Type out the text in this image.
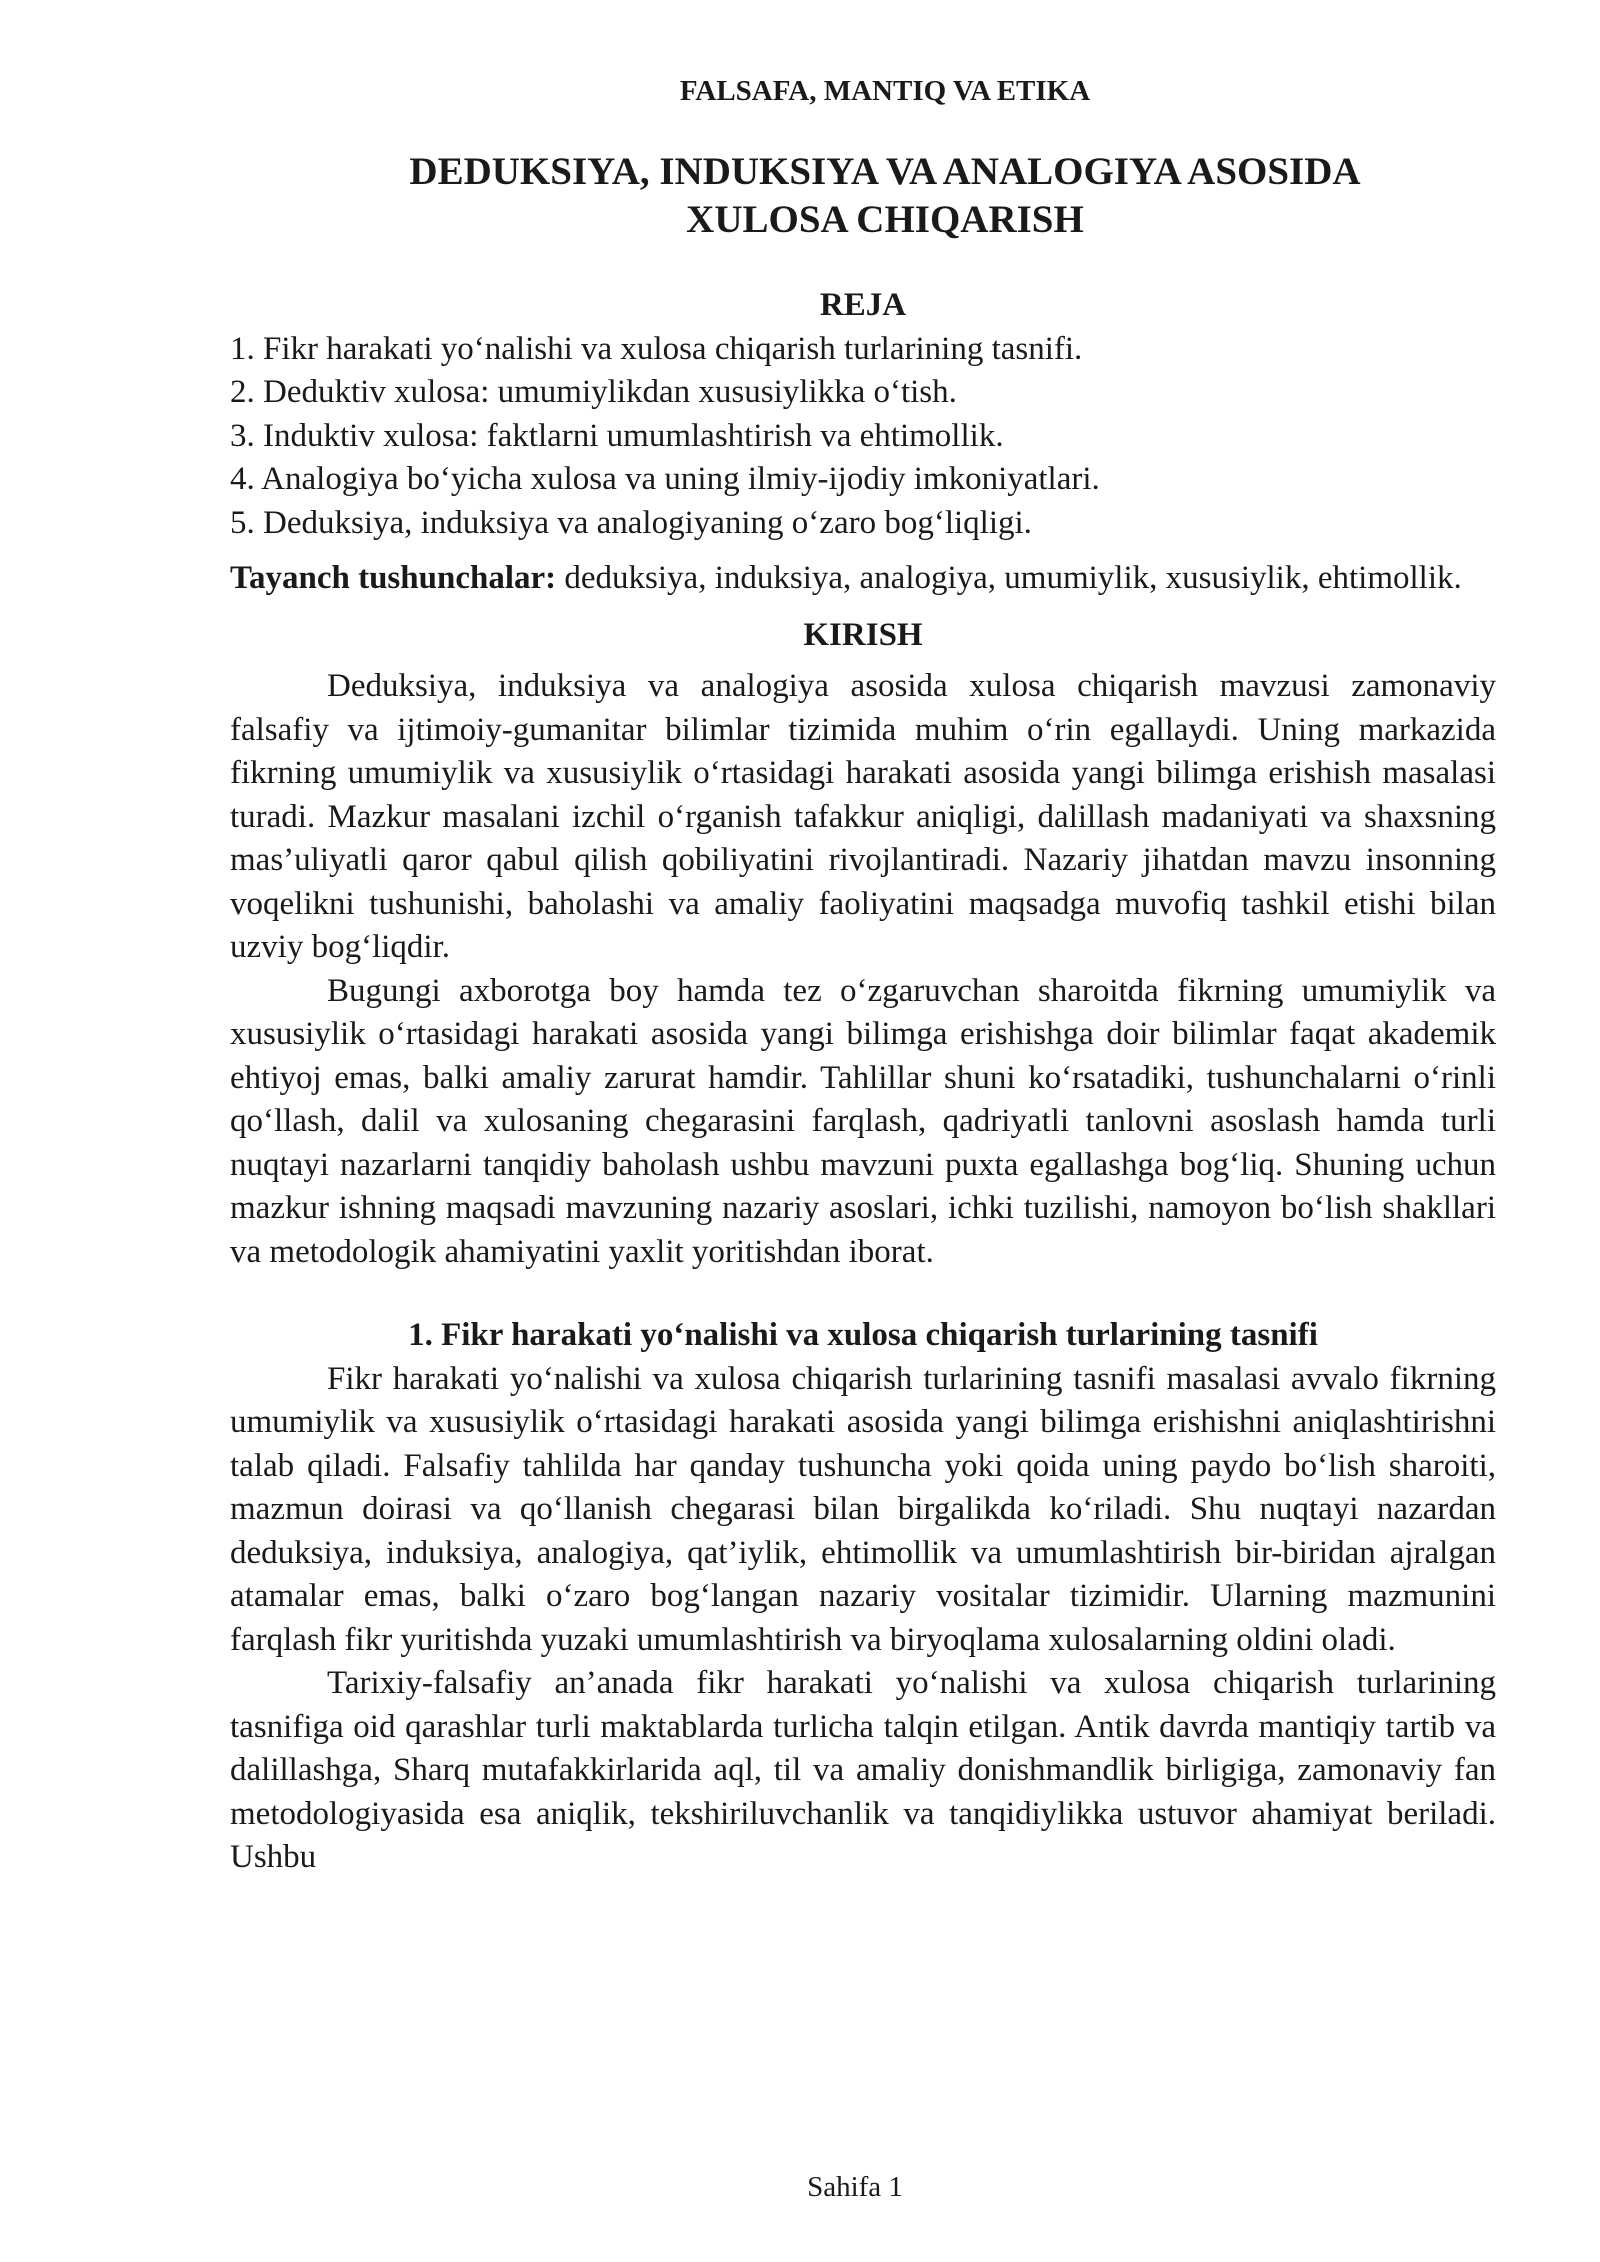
FALSAFA, MANTIQ VA ETIKA
DEDUKSIYA, INDUKSIYA VA ANALOGIYA ASOSIDA
XULOSA CHIQARISH
REJA
1. Fikr harakati yo‘nalishi va xulosa chiqarish turlarining tasnifi.
2. Deduktiv xulosa: umumiylikdan xususiylikka o‘tish.
3. Induktiv xulosa: faktlarni umumlashtirish va ehtimollik.
4. Analogiya bo‘yicha xulosa va uning ilmiy-ijodiy imkoniyatlari.
5. Deduksiya, induksiya va analogiyaning o‘zaro bog‘liqligi.

Tayanch tushunchalar: deduksiya, induksiya, analogiya, umumiylik, xususiylik, ehtimollik.

KIRISH

Deduksiya, induksiya va analogiya asosida xulosa chiqarish mavzusi zamonaviy falsafiy va ijtimoiy-gumanitar bilimlar tizimida muhim o‘rin egallaydi. Uning markazida fikrning umumiylik va xususiylik o‘rtasidagi harakati asosida yangi bilimga erishish masalasi turadi. Mazkur masalani izchil o‘rganish tafakkur aniqligi, dalillash madaniyati va shaxsning mas’uliyatli qaror qabul qilish qobiliyatini rivojlantiradi. Nazariy jihatdan mavzu insonning voqelikni tushunishi, baholashi va amaliy faoliyatini maqsadga muvofiq tashkil etishi bilan uzviy bog‘liqdir.

Bugungi axborotga boy hamda tez o‘zgaruvchan sharoitda fikrning umumiylik va xususiylik o‘rtasidagi harakati asosida yangi bilimga erishishga doir bilimlar faqat akademik ehtiyoj emas, balki amaliy zarurat hamdir. Tahlillar shuni ko‘rsatadiki, tushunchalarni o‘rinli qo‘llash, dalil va xulosaning chegarasini farqlash, qadriyatli tanlovni asoslash hamda turli nuqtayi nazarlarni tanqidiy baholash ushbu mavzuni puxta egallashga bog‘liq. Shuning uchun mazkur ishning maqsadi mavzuning nazariy asoslari, ichki tuzilishi, namoyon bo‘lish shakllari va metodologik ahamiyatini yaxlit yoritishdan iborat.

1. Fikr harakati yo‘nalishi va xulosa chiqarish turlarining tasnifi

Fikr harakati yo‘nalishi va xulosa chiqarish turlarining tasnifi masalasi avvalo fikrning umumiylik va xususiylik o‘rtasidagi harakati asosida yangi bilimga erishishni aniqlashtirishni talab qiladi. Falsafiy tahlilda har qanday tushuncha yoki qoida uning paydo bo‘lish sharoiti, mazmun doirasi va qo‘llanish chegarasi bilan birgalikda ko‘riladi. Shu nuqtayi nazardan deduksiya, induksiya, analogiya, qat’iylik, ehtimollik va umumlashtirish bir-biridan ajralgan atamalar emas, balki o‘zaro bog‘langan nazariy vositalar tizimidir. Ularning mazmunini farqlash fikr yuritishda yuzaki umumlashtirish va biryoqlama xulosalarning oldini oladi.

Tarixiy-falsafiy an’anada fikr harakati yo‘nalishi va xulosa chiqarish turlarining tasnifiga oid qarashlar turli maktablarda turlicha talqin etilgan. Antik davrda mantiqiy tartib va dalillashga, Sharq mutafakkirlarida aql, til va amaliy donishmandlik birligiga, zamonaviy fan metodologiyasida esa aniqlik, tekshiriluvchanlik va tanqidiylikka ustuvor ahamiyat beriladi. Ushbu

Sahifa 1
